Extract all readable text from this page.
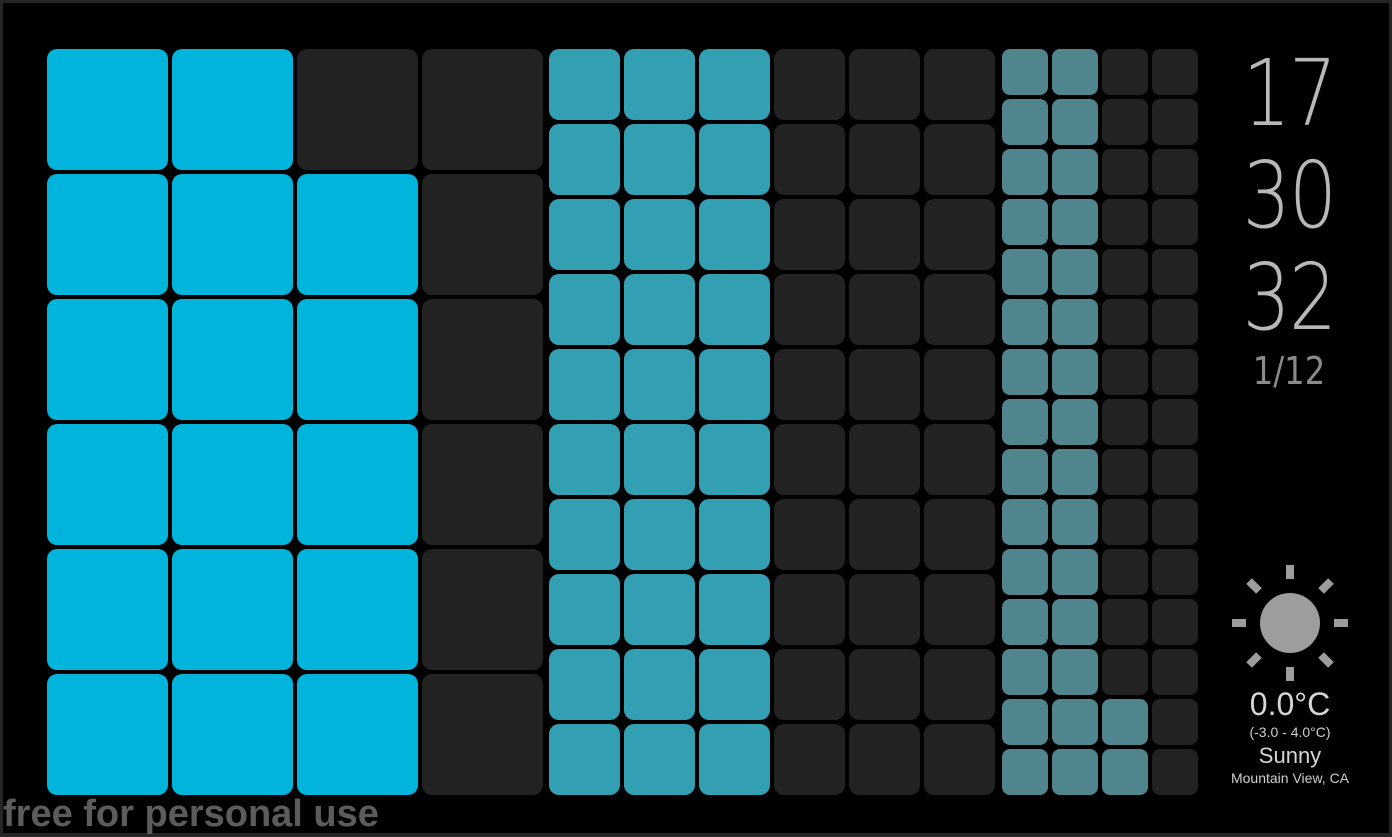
17
30
32
1/12
0.0°C
(-3.0 - 4.0°C)
Sunny
Mountain View, CA
free for personal use
